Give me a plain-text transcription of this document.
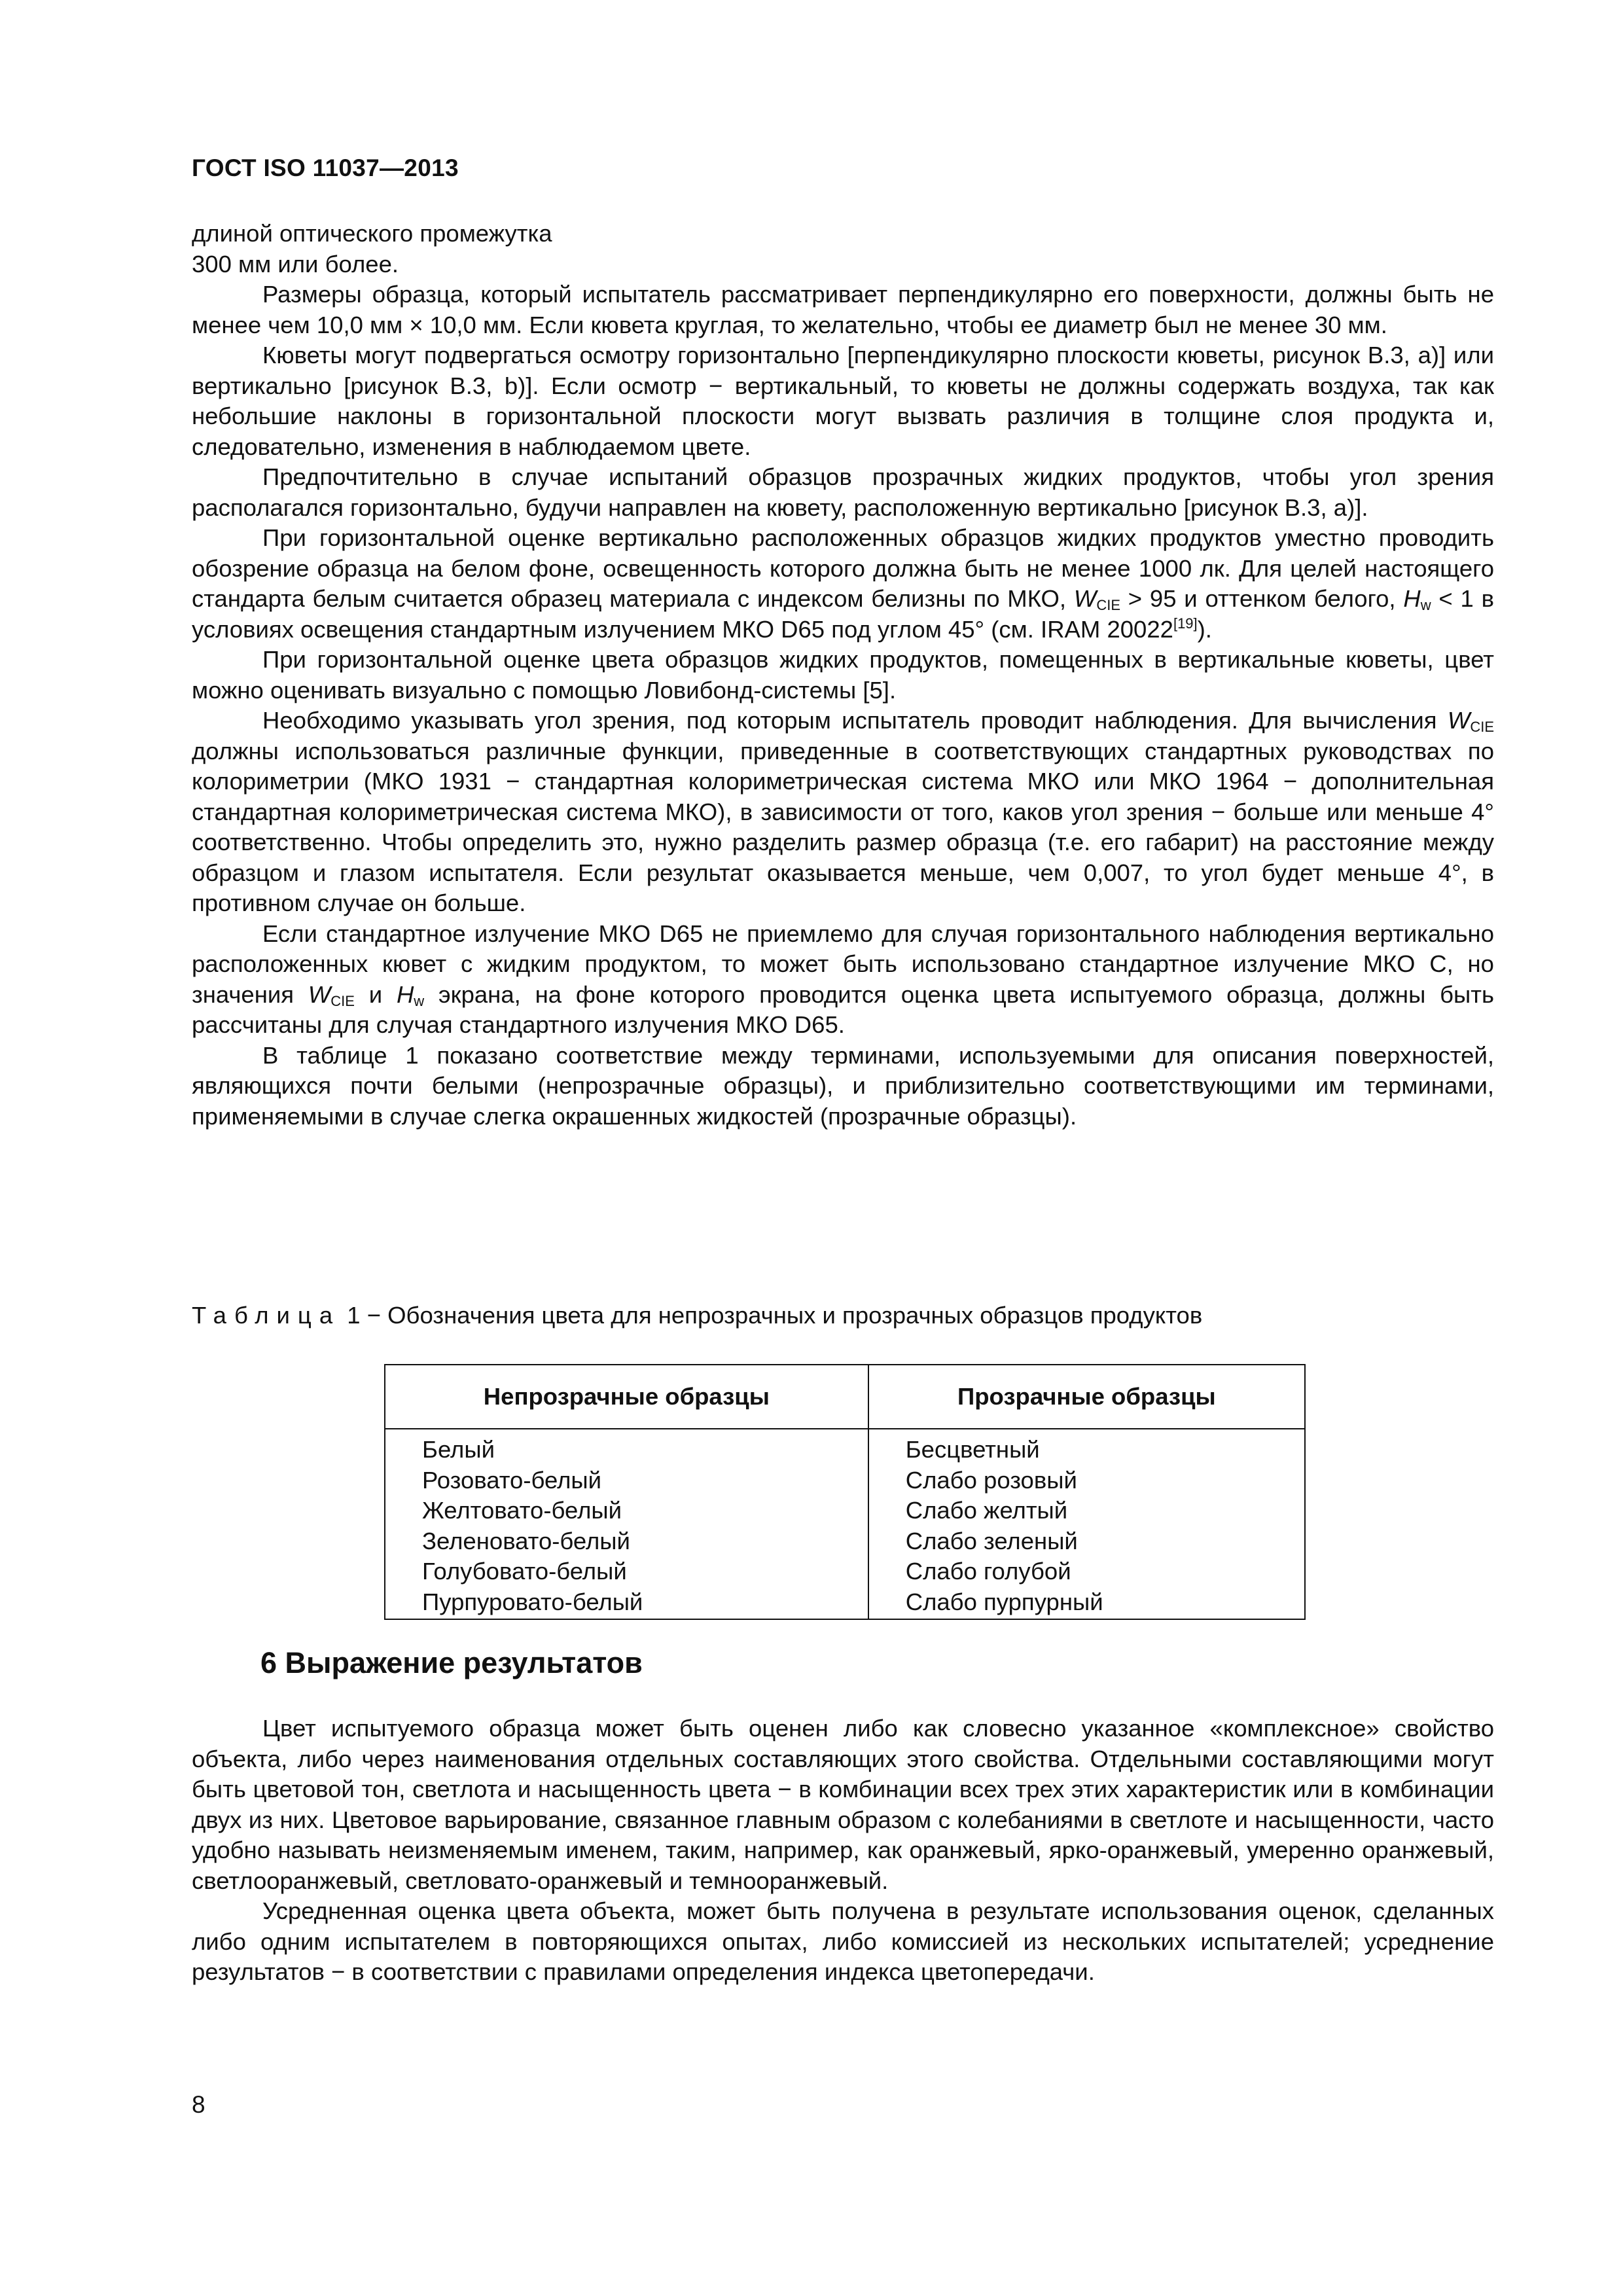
ГОСТ ISO 11037—2013

длиной оптического промежутка
300 мм или более.

Размеры образца, который испытатель рассматривает перпендикулярно его поверхности, должны быть не менее чем 10,0 мм × 10,0 мм. Если кювета круглая, то желательно, чтобы ее диаметр был не менее 30 мм.

Кюветы могут подвергаться осмотру горизонтально [перпендикулярно плоскости кюветы, рисунок В.3, а)] или вертикально [рисунок В.3, b)]. Если осмотр − вертикальный, то кюветы не должны содержать воздуха, так как небольшие наклоны в горизонтальной плоскости могут вызвать различия в толщине слоя продукта и, следовательно, изменения в наблюдаемом цвете.

Предпочтительно в случае испытаний образцов прозрачных жидких продуктов, чтобы угол зрения располагался горизонтально, будучи направлен на кювету, расположенную вертикально [рисунок В.3, а)].

При горизонтальной оценке вертикально расположенных образцов жидких продуктов уместно проводить обозрение образца на белом фоне, освещенность которого должна быть не менее 1000 лк. Для целей настоящего стандарта белым считается образец материала с индексом белизны по МКО, $W_{CIE} > 95$ и оттенком белого, $H_w < 1$ в условиях освещения стандартным излучением МКО D65 под углом 45° (см. IRAM 20022[19]).

При горизонтальной оценке цвета образцов жидких продуктов, помещенных в вертикальные кюветы, цвет можно оценивать визуально с помощью Ловибонд-системы [5].

Необходимо указывать угол зрения, под которым испытатель проводит наблюдения. Для вычисления $W_{CIE}$ должны использоваться различные функции, приведенные в соответствующих стандартных руководствах по колориметрии (МКО 1931 − стандартная колориметрическая система МКО или МКО 1964 − дополнительная стандартная колориметрическая система МКО), в зависимости от того, каков угол зрения − больше или меньше 4° соответственно. Чтобы определить это, нужно разделить размер образца (т.е. его габарит) на расстояние между образцом и глазом испытателя. Если результат оказывается меньше, чем 0,007, то угол будет меньше 4°, в противном случае он больше.

Если стандартное излучение МКО D65 не приемлемо для случая горизонтального наблюдения вертикально расположенных кювет с жидким продуктом, то может быть использовано стандартное излучение МКО С, но значения $W_{CIE}$ и $H_w$ экрана, на фоне которого проводится оценка цвета испытуемого образца, должны быть рассчитаны для случая стандартного излучения МКО D65.

В таблице 1 показано соответствие между терминами, используемыми для описания поверхностей, являющихся почти белыми (непрозрачные образцы), и приблизительно соответствующими им терминами, применяемыми в случае слегка окрашенных жидкостей (прозрачные образцы).

Таблица 1 − Обозначения цвета для непрозрачных и прозрачных образцов продуктов
Непрозрачные образцы	Прозрачные образцы
Белый	Бесцветный
Розовато-белый	Слабо розовый
Желтовато-белый	Слабо желтый
Зеленовато-белый	Слабо зеленый
Голубовато-белый	Слабо голубой
Пурпуровато-белый	Слабо пурпурный
6 Выражение результатов

Цвет испытуемого образца может быть оценен либо как словесно указанное «комплексное» свойство объекта, либо через наименования отдельных составляющих этого свойства. Отдельными составляющими могут быть цветовой тон, светлота и насыщенность цвета − в комбинации всех трех этих характеристик или в комбинации двух из них. Цветовое варьирование, связанное главным образом с колебаниями в светлоте и насыщенности, часто удобно называть неизменяемым именем, таким, например, как оранжевый, ярко-оранжевый, умеренно оранжевый, светлооранжевый, светловато-оранжевый и темнооранжевый.

Усредненная оценка цвета объекта, может быть получена в результате использования оценок, сделанных либо одним испытателем в повторяющихся опытах, либо комиссией из нескольких испытателей; усреднение результатов − в соответствии с правилами определения индекса цветопередачи.

8
